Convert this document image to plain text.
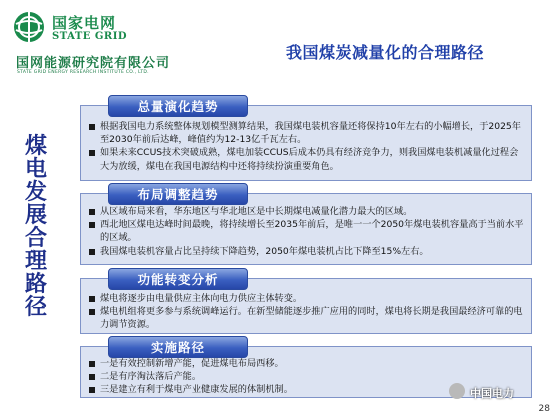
国家电网
STATE GRID
国网能源研究院有限公司
STATE GRID ENERGY RESEARCH INSTITUTE CO., LTD.
我国煤炭减量化的合理路径
煤
电
发
展
合
理
路
径
总量演化趋势
根据我国电力系统整体规划模型测算结果，我国煤电装机容量还将保持10年左右的小幅增长，于2025年至2030年前后达峰，峰值约为12-13亿千瓦左右。
如果未来CCUS技术突破成熟，煤电加装CCUS后成本仍具有经济竞争力，则我国煤电装机减量化过程会大为放缓，煤电在我国电源结构中还将持续扮演重要角色。
布局调整趋势
从区域布局来看，华东地区与华北地区是中长期煤电减量化潜力最大的区域。
西北地区煤电达峰时间最晚，将持续增长至2035年前后，是唯一一个2050年煤电装机容量高于当前水平的区域。
我国煤电装机容量占比呈持续下降趋势，2050年煤电装机占比下降至15%左右。
功能转变分析
煤电将逐步由电量供应主体向电力供应主体转变。
煤电机组将更多参与系统调峰运行。在新型储能逐步推广应用的同时，煤电将长期是我国最经济可靠的电力调节资源。
实施路径
一是有效控制新增产能，促进煤电布局西移。
二是有序淘汰落后产能。
三是建立有利于煤电产业健康发展的体制机制。	中国电力
28
